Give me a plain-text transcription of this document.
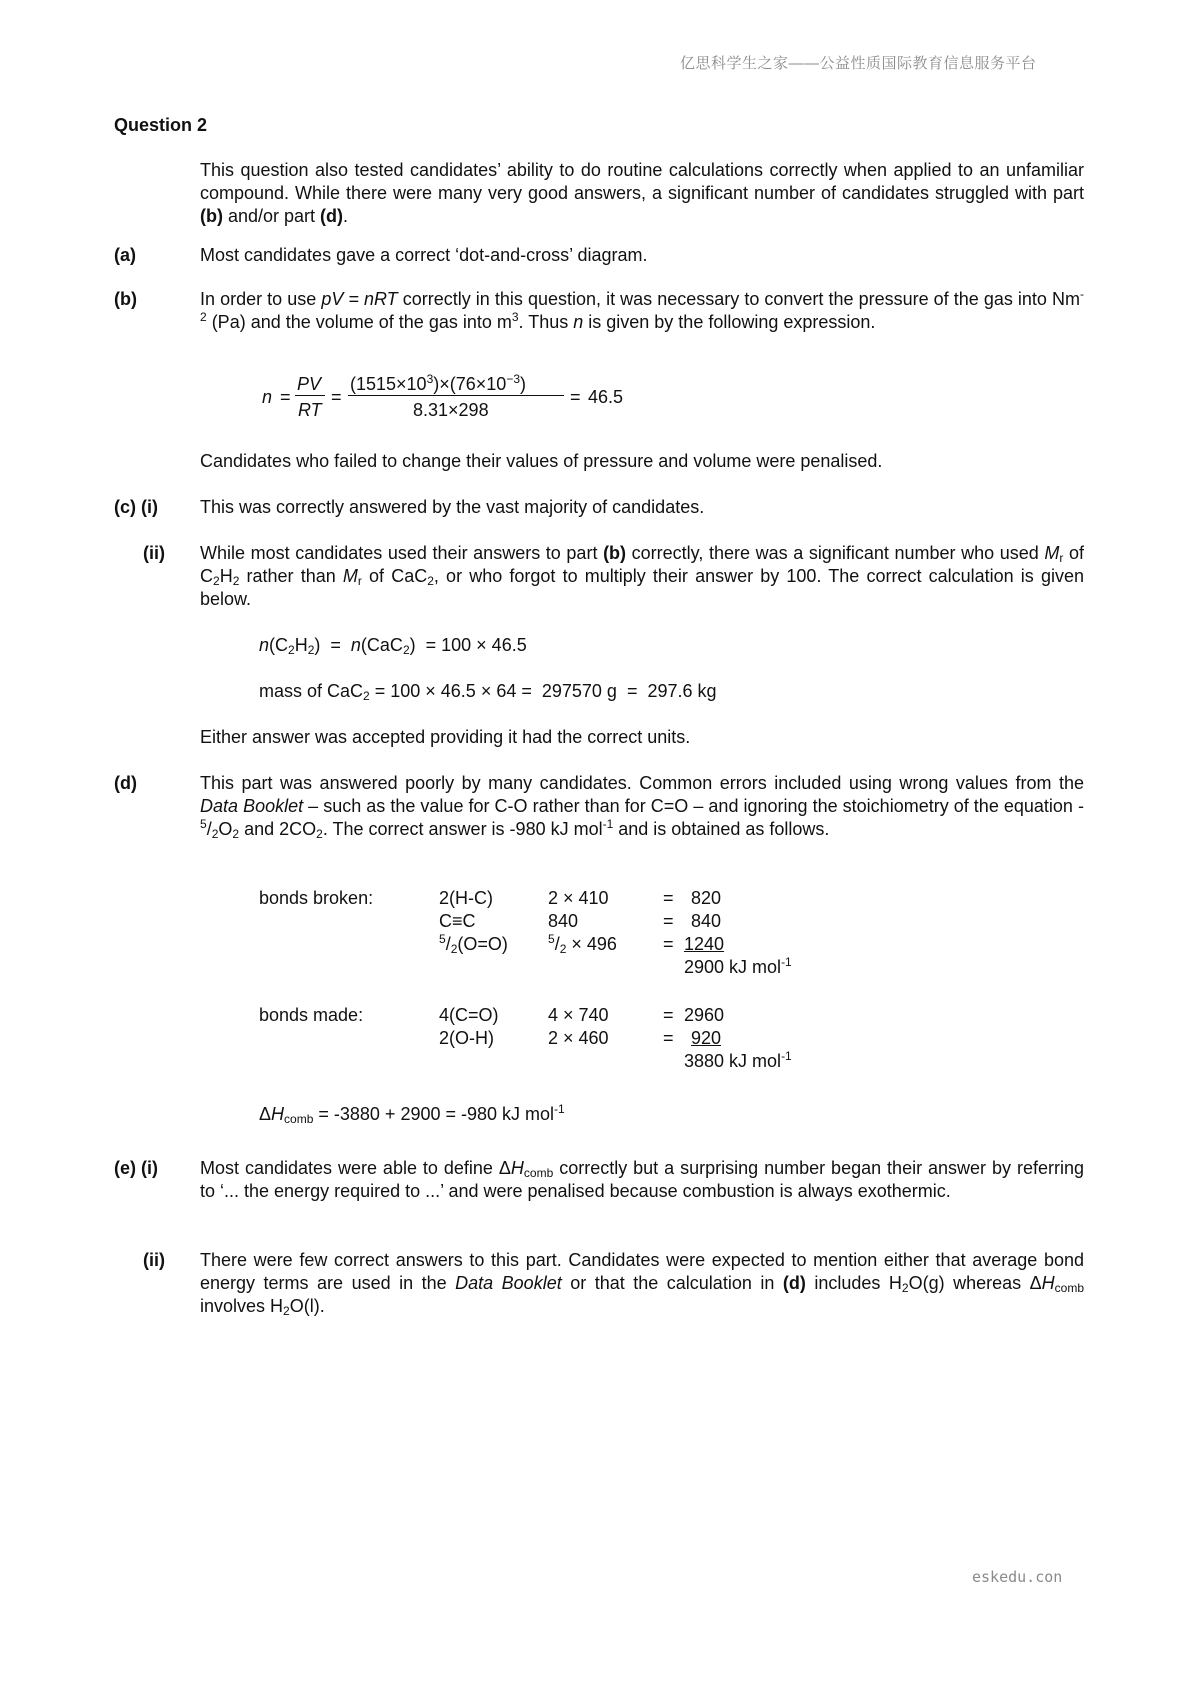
亿思科学生之家——公益性质国际教育信息服务平台
Question 2

This question also tested candidates’ ability to do routine calculations correctly when applied to an unfamiliar compound. While there were many very good answers, a significant number of candidates struggled with part (b) and/or part (d).

(a)	Most candidates gave a correct ‘dot-and-cross’ diagram.
(b)	In order to use pV = nRT correctly in this question, it was necessary to convert the pressure of the gas into $Nm^{-2}$ (Pa) and the volume of the gas into $m^3$. Thus n is given by the following expression.

n =
PV
RT
=
$(1515\times 10^3)\times(76\times 10^{-3})$
8.31×298
= 46.5
Candidates who failed to change their values of pressure and volume were penalised.
(c) (i) This was correctly answered by the vast majority of candidates.
(ii) While most candidates used their answers to part (b) correctly, there was a significant number who used $M_r$ of $C_2H_2$ rather than $M_r$ of CaC$_2$, or who forgot to multiply their answer by 100. The correct calculation is given below.

$n(C_2H_2) = n(CaC_2) = 100 \times 46.5$
mass of CaC$_2$ = 100 × 46.5 × 64 =  297570 g  =  297.6 kg
Either answer was accepted providing it had the correct units.
(d)	This part was answered poorly by many candidates. Common errors included using wrong values from the Data Booklet – such as the value for C-O rather than for C=O – and ignoring the stoichiometry of the equation - $^5/_2O_2$ and $2CO_2$. The correct answer is -980 kJ mol$^{-1}$ and is obtained as follows.

bonds broken:	2(H-C)	2 × 410	= 820
C≡C	840	= 840
$^5/_2(O=O)$	$^5/_2 \times 496$	= 1240
2900 kJ mol$^{-1}$
bonds made:	4(C=O)	4 × 740	= 2960
2(O-H)	2 × 460	= 920
3880 kJ mol$^{-1}$
$\Delta H_{comb} = -3880 + 2900 = -980$ kJ mol$^{-1}$
(e) (i) Most candidates were able to define $\Delta H_{comb}$ correctly but a surprising number began their answer by referring to ‘... the energy required to ...’ and were penalised because combustion is always exothermic.

(ii) There were few correct answers to this part. Candidates were expected to mention either that average bond energy terms are used in the Data Booklet or that the calculation in (d) includes $H_2O(g)$ whereas $\Delta H_{comb}$ involves $H_2O(l)$.

eskedu.con
